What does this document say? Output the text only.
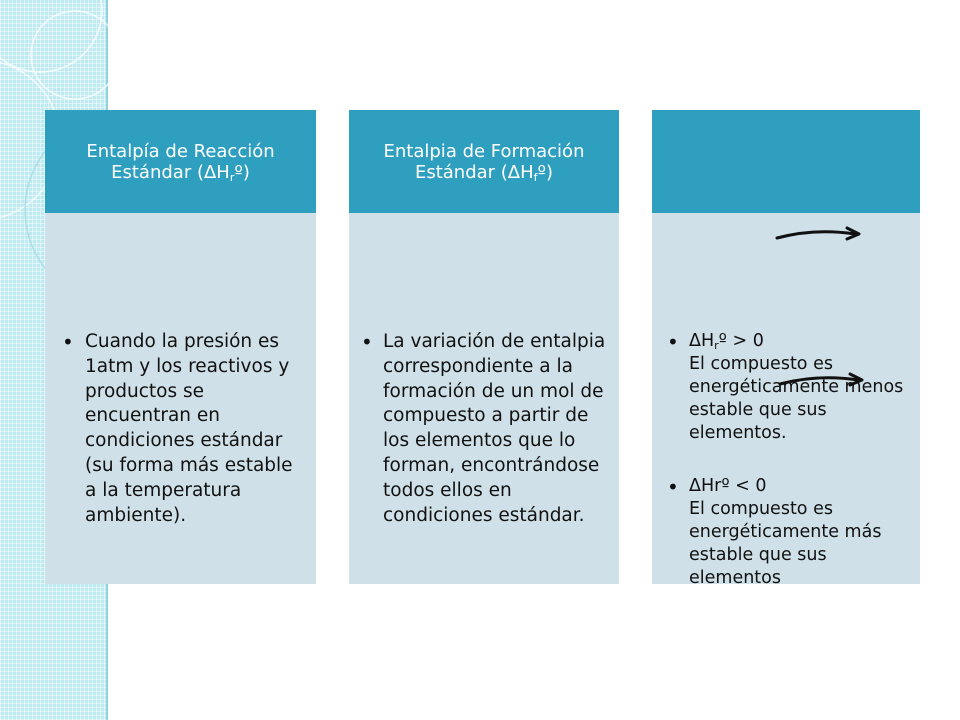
Entalpía de Reacción Estándar $(\Delta H_rº)$
• Cuando la presión es 1atm y los reactivos y productos se encuentran en condiciones estándar (su forma más estable a la temperatura ambiente).
Entalpia de Formación Estándar $(\Delta H_fº)$
• La variación de entalpia correspondiente a la formación de un mol de compuesto a partir de los elementos que lo forman, encontrándose todos ellos en condiciones estándar.
• $\Delta H_rº > 0$
El compuesto es energéticamente menos estable que sus elementos.
• ΔHrº < 0
El compuesto es energéticamente más estable que sus elementos
